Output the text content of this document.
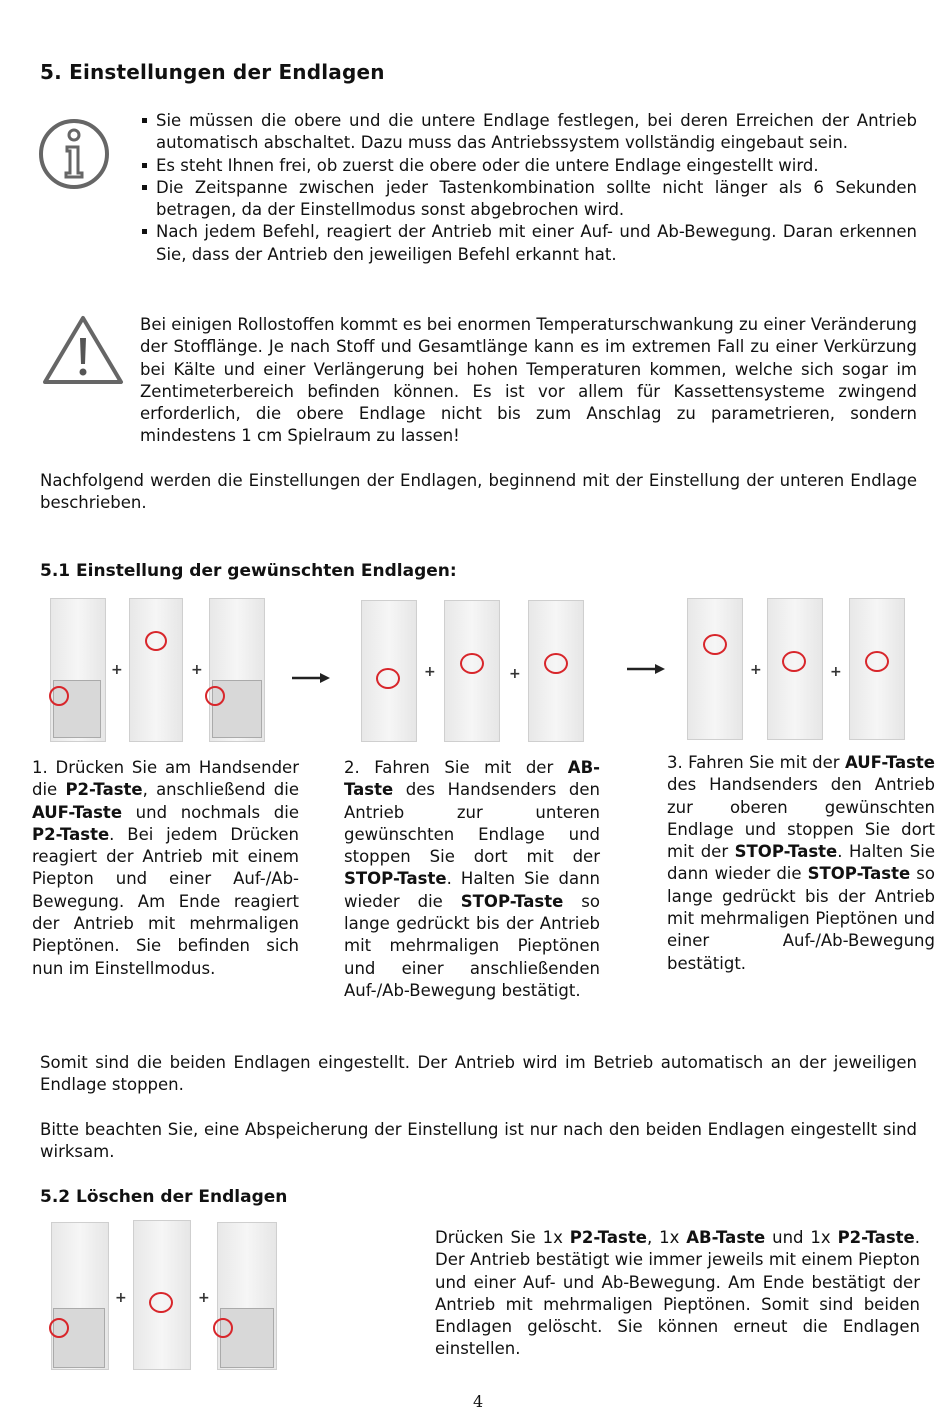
5. Einstellungen der Endlagen
Sie müssen die obere und die untere Endlage festlegen, bei deren Erreichen der Antrieb automatisch abschaltet. Dazu muss das Antriebssystem vollständig eingebaut sein.
Es steht Ihnen frei, ob zuerst die obere oder die untere Endlage eingestellt wird.
Die Zeitspanne zwischen jeder Tastenkombination sollte nicht länger als 6 Sekunden betragen, da der Einstellmodus sonst abgebrochen wird.
Nach jedem Befehl, reagiert der Antrieb mit einer Auf- und Ab-Bewegung. Daran erkennen Sie, dass der Antrieb den jeweiligen Befehl erkannt hat.
Bei einigen Rollostoffen kommt es bei enormen Temperaturschwankung zu einer Veränderung der Stofflänge. Je nach Stoff und Gesamtlänge kann es im extremen Fall zu einer Verkürzung bei Kälte und einer Verlängerung bei hohen Temperaturen kommen, welche sich sogar im Zentimeterbereich befinden können. Es ist vor allem für Kassettensysteme zwingend erforderlich, die obere Endlage nicht bis zum Anschlag zu parametrieren, sondern mindestens 1 cm Spielraum zu lassen!
Nachfolgend werden die Einstellungen der Endlagen, beginnend mit der Einstellung der unteren Endlage beschrieben.
5.1 Einstellung der gewünschten Endlagen:
+	+	+	+	+	+
1. Drücken Sie am Handsender die P2-Taste, anschließend die AUF-Taste und nochmals die P2-Taste. Bei jedem Drücken reagiert der Antrieb mit einem Piepton und einer Auf-/Ab-Bewegung. Am Ende reagiert der Antrieb mit mehrmaligen Pieptönen. Sie befinden sich nun im Einstellmodus.
2. Fahren Sie mit der AB-Taste des Handsenders den Antrieb zur unteren gewünschten Endlage und stoppen Sie dort mit der STOP-Taste. Halten Sie dann wieder die STOP-Taste so lange gedrückt bis der Antrieb mit mehrmaligen Pieptönen und einer anschließenden Auf-/Ab-Bewegung bestätigt.
3. Fahren Sie mit der AUF-Taste des Handsenders den Antrieb zur oberen gewünschten Endlage und stoppen Sie dort mit der STOP-Taste. Halten Sie dann wieder die STOP-Taste so lange gedrückt bis der Antrieb mit mehrmaligen Pieptönen und einer Auf-/Ab-Bewegung bestätigt.
Somit sind die beiden Endlagen eingestellt. Der Antrieb wird im Betrieb automatisch an der jeweiligen Endlage stoppen.
Bitte beachten Sie, eine Abspeicherung der Einstellung ist nur nach den beiden Endlagen eingestellt sind wirksam.
5.2 Löschen der Endlagen
+	+
Drücken Sie 1x P2-Taste, 1x AB-Taste und 1x P2-Taste. Der Antrieb bestätigt wie immer jeweils mit einem Piepton und einer Auf- und Ab-Bewegung. Am Ende bestätigt der Antrieb mit mehrmaligen Pieptönen. Somit sind beiden Endlagen gelöscht. Sie können erneut die Endlagen einstellen.
4
